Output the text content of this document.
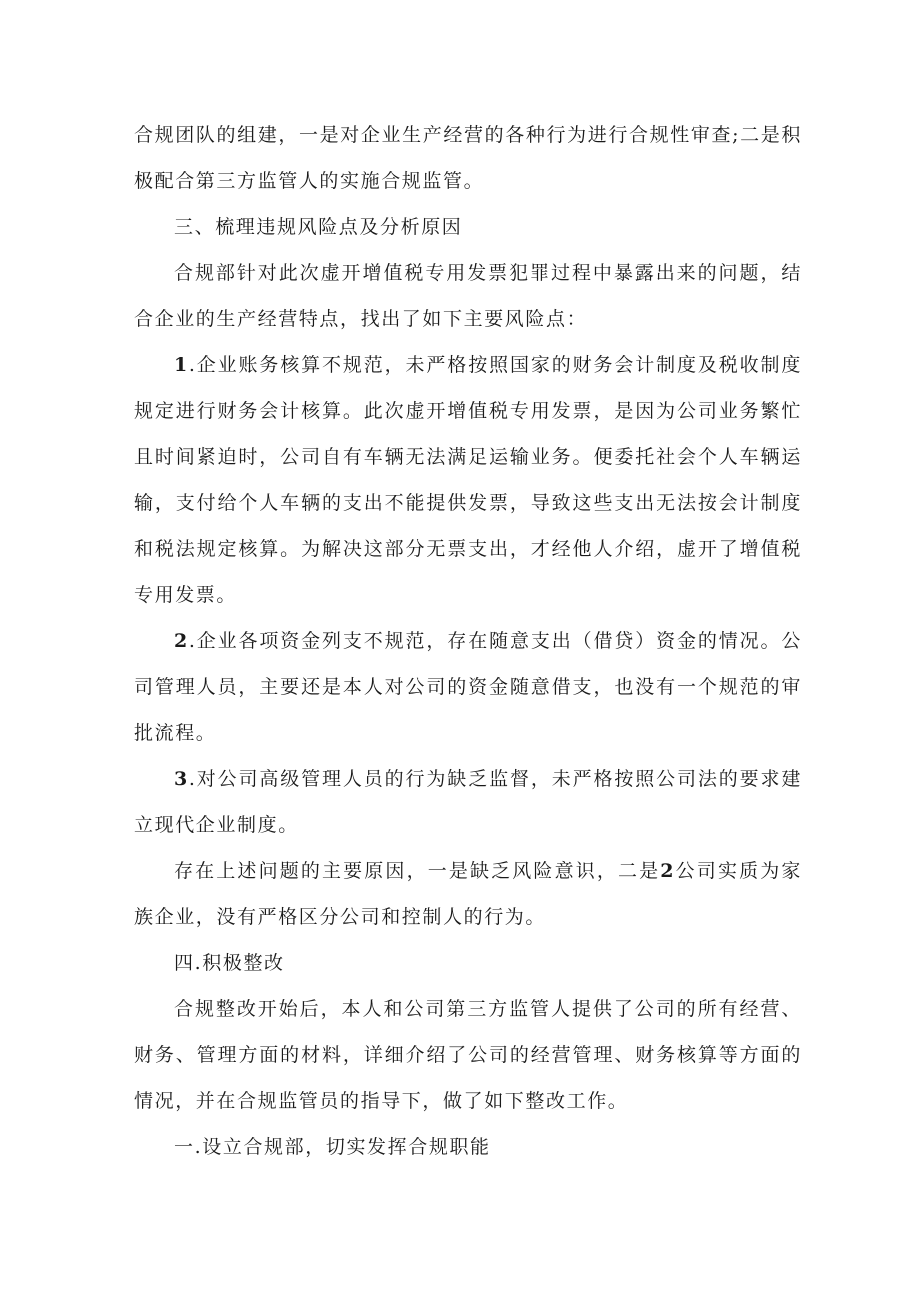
合规团队的组建，一是对企业生产经营的各种行为进行合规性审查;二是积极配合第三方监管人的实施合规监管。

三、梳理违规风险点及分析原因

合规部针对此次虚开增值税专用发票犯罪过程中暴露出来的问题，结合企业的生产经营特点，找出了如下主要风险点：

1.企业账务核算不规范，未严格按照国家的财务会计制度及税收制度规定进行财务会计核算。此次虚开增值税专用发票，是因为公司业务繁忙且时间紧迫时，公司自有车辆无法满足运输业务。便委托社会个人车辆运输，支付给个人车辆的支出不能提供发票，导致这些支出无法按会计制度和税法规定核算。为解决这部分无票支出，才经他人介绍，虚开了增值税专用发票。

2.企业各项资金列支不规范，存在随意支出（借贷）资金的情况。公司管理人员，主要还是本人对公司的资金随意借支，也没有一个规范的审批流程。

3.对公司高级管理人员的行为缺乏监督，未严格按照公司法的要求建立现代企业制度。

存在上述问题的主要原因，一是缺乏风险意识，二是2公司实质为家族企业，没有严格区分公司和控制人的行为。

四.积极整改

合规整改开始后，本人和公司第三方监管人提供了公司的所有经营、财务、管理方面的材料，详细介绍了公司的经营管理、财务核算等方面的情况，并在合规监管员的指导下，做了如下整改工作。

一.设立合规部，切实发挥合规职能
